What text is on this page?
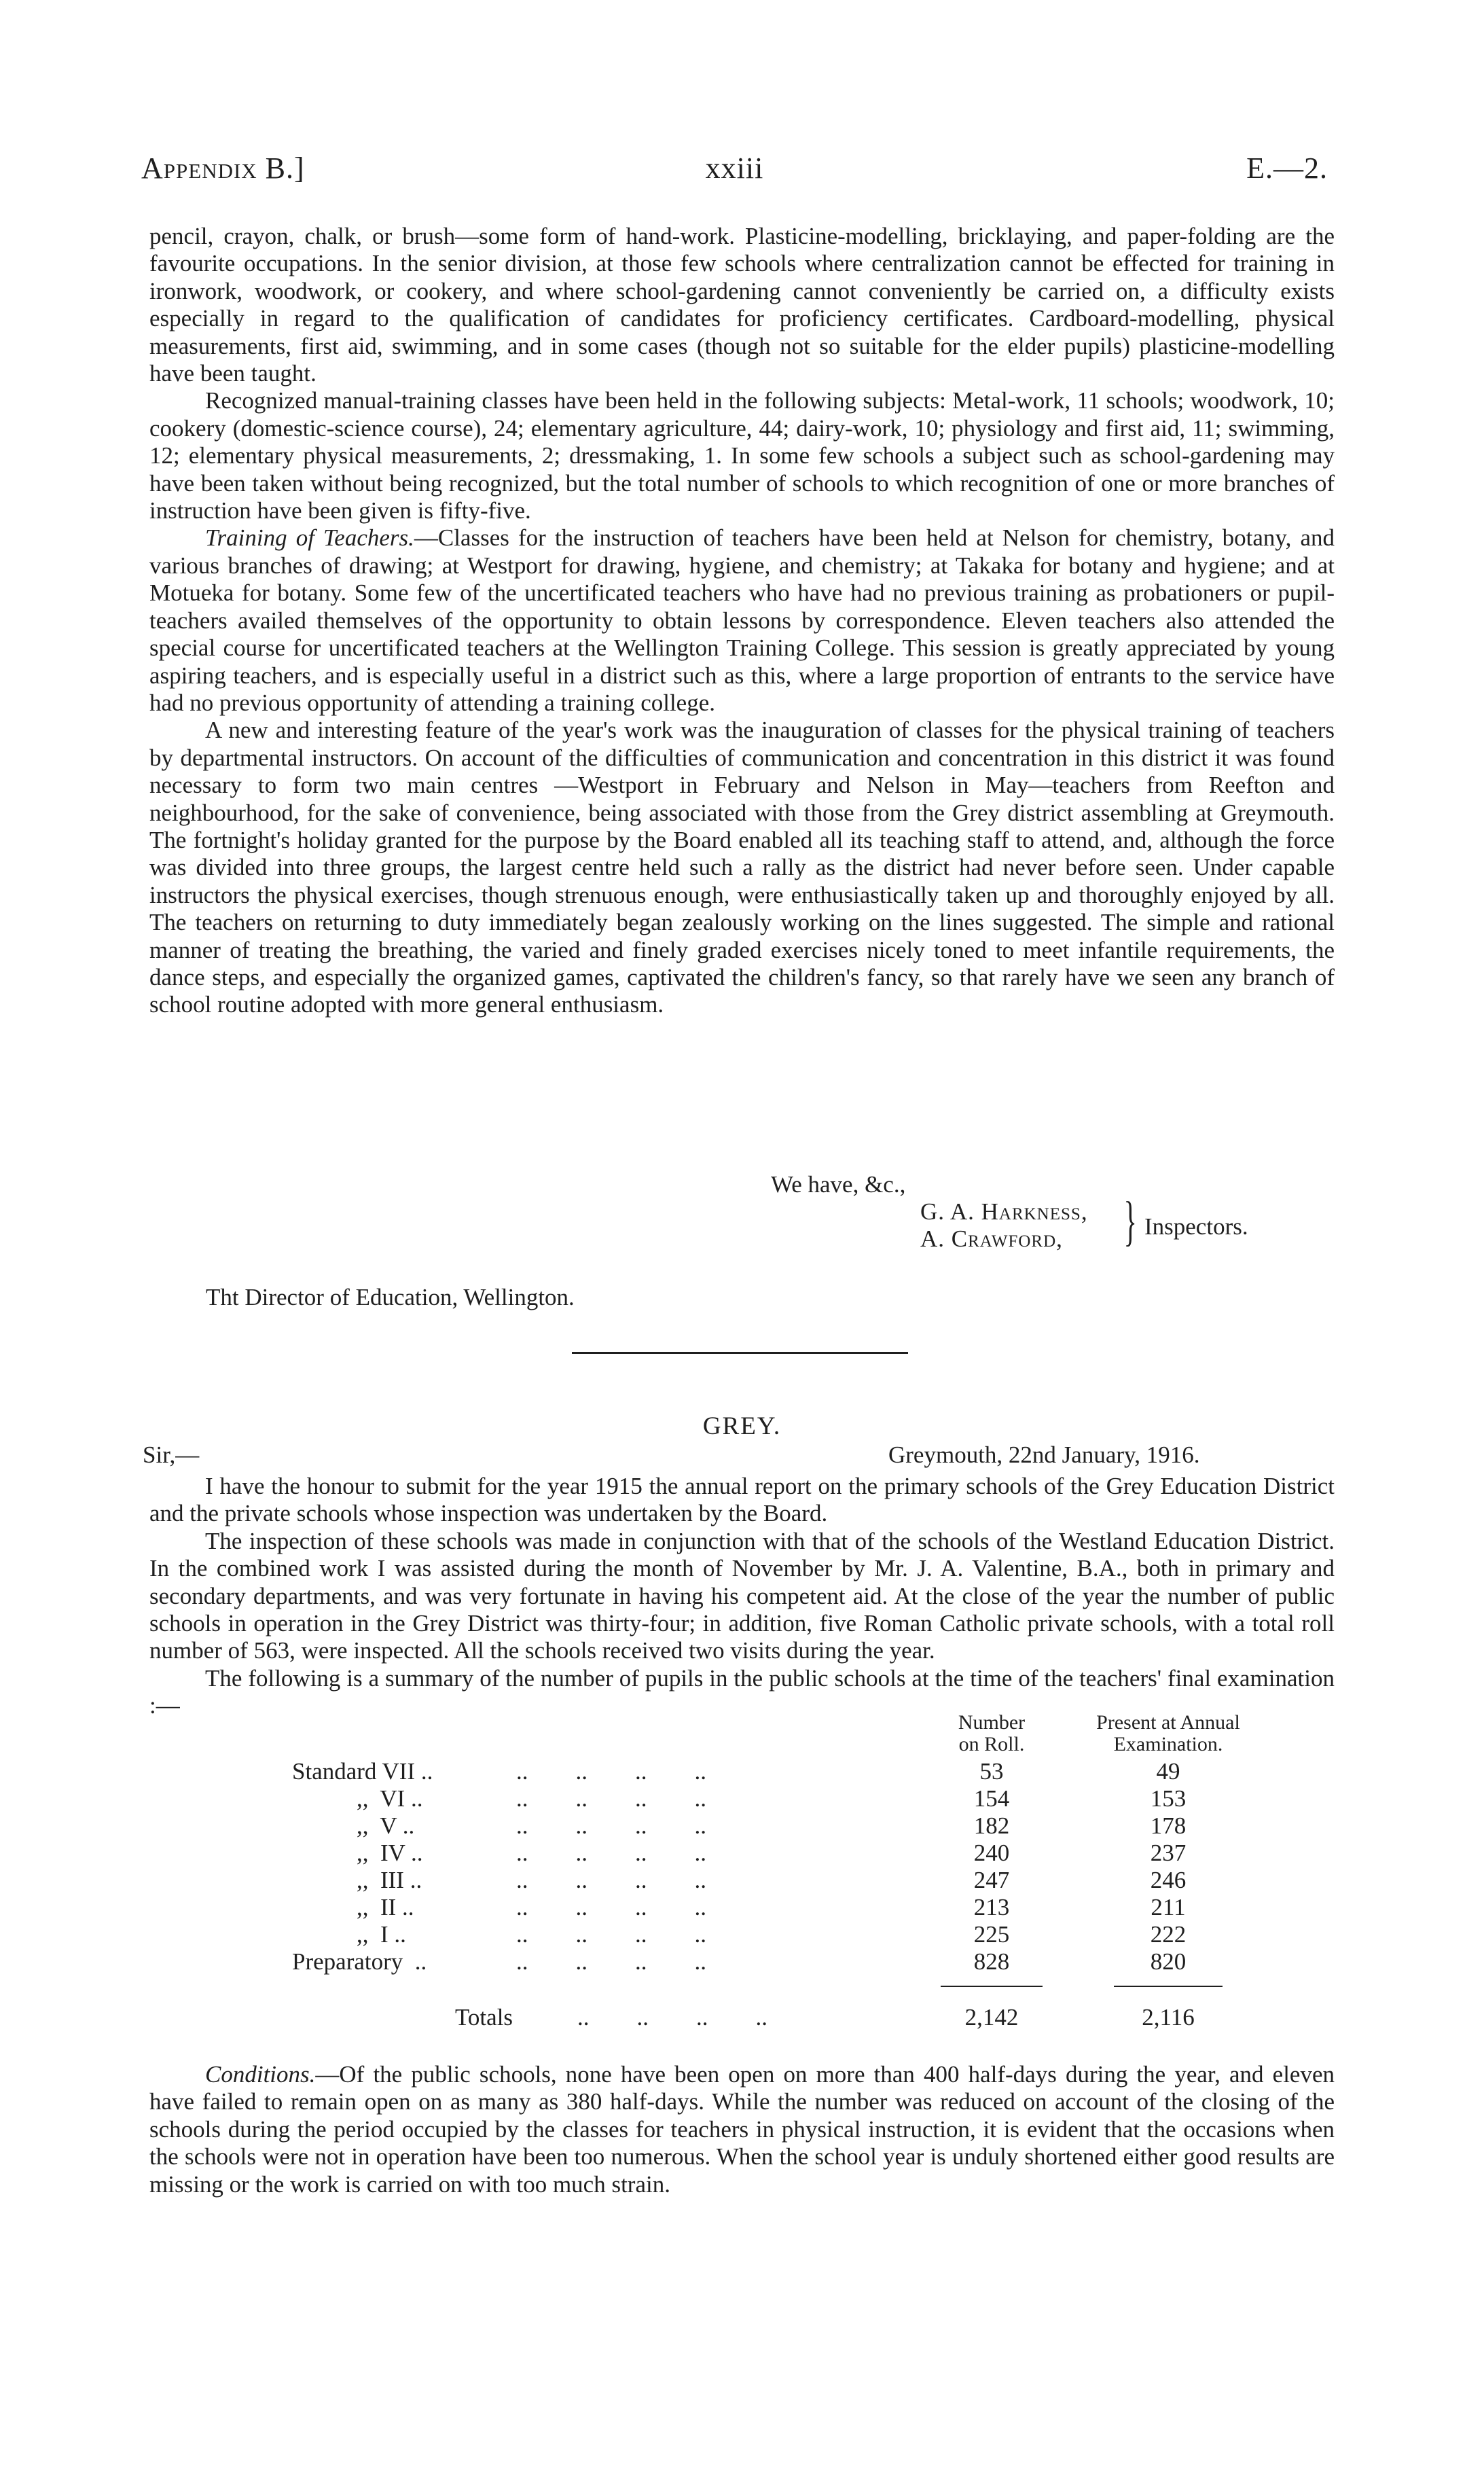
Appendix B.]	xxiii	E.—2.

pencil, crayon, chalk, or brush—some form of hand-work. Plasticine-modelling, bricklaying, and paper-folding are the favourite occupations. In the senior division, at those few schools where centralization cannot be effected for training in ironwork, woodwork, or cookery, and where school-gardening cannot conveniently be carried on, a difficulty exists especially in regard to the qualification of candidates for proficiency certificates. Cardboard-modelling, physical measurements, first aid, swimming, and in some cases (though not so suitable for the elder pupils) plasticine-modelling have been taught.

Recognized manual-training classes have been held in the following subjects: Metal-work, 11 schools; woodwork, 10; cookery (domestic-science course), 24; elementary agriculture, 44; dairy-work, 10; physiology and first aid, 11; swimming, 12; elementary physical measurements, 2; dressmaking, 1. In some few schools a subject such as school-gardening may have been taken without being recognized, but the total number of schools to which recognition of one or more branches of instruction have been given is fifty-five.

Training of Teachers.—Classes for the instruction of teachers have been held at Nelson for chemistry, botany, and various branches of drawing; at Westport for drawing, hygiene, and chemistry; at Takaka for botany and hygiene; and at Motueka for botany. Some few of the uncertificated teachers who have had no previous training as probationers or pupil-teachers availed themselves of the opportunity to obtain lessons by correspondence. Eleven teachers also attended the special course for uncertificated teachers at the Wellington Training College. This session is greatly appreciated by young aspiring teachers, and is especially useful in a district such as this, where a large proportion of entrants to the service have had no previous opportunity of attending a training college.

A new and interesting feature of the year's work was the inauguration of classes for the physical training of teachers by departmental instructors. On account of the difficulties of communication and concentration in this district it was found necessary to form two main centres —Westport in February and Nelson in May—teachers from Reefton and neighbourhood, for the sake of convenience, being associated with those from the Grey district assembling at Greymouth. The fortnight's holiday granted for the purpose by the Board enabled all its teaching staff to attend, and, although the force was divided into three groups, the largest centre held such a rally as the district had never before seen. Under capable instructors the physical exercises, though strenuous enough, were enthusiastically taken up and thoroughly enjoyed by all. The teachers on returning to duty immediately began zealously working on the lines suggested. The simple and rational manner of treating the breathing, the varied and finely graded exercises nicely toned to meet infantile requirements, the dance steps, and especially the organized games, captivated the children's fancy, so that rarely have we seen any branch of school routine adopted with more general enthusiasm.

We have, &c.,
G. A. Harkness,
A. Crawford,	} Inspectors.
Tht Director of Education, Wellington.
GREY.
Sir,—	Greymouth, 22nd January, 1916.

I have the honour to submit for the year 1915 the annual report on the primary schools of the Grey Education District and the private schools whose inspection was undertaken by the Board.

The inspection of these schools was made in conjunction with that of the schools of the Westland Education District. In the combined work I was assisted during the month of November by Mr. J. A. Valentine, B.A., both in primary and secondary departments, and was very fortunate in having his competent aid. At the close of the year the number of public schools in operation in the Grey District was thirty-four; in addition, five Roman Catholic private schools, with a total roll number of 563, were inspected. All the schools received two visits during the year.

The following is a summary of the number of pupils in the public schools at the time of the teachers' final examination :—

Number
on Roll.
Present at Annual
Examination.
Standard VII ..	..        ..        ..        ..	53	49
,,  VI ..	..        ..        ..        ..	154	153
,,  V ..	..        ..        ..        ..	182	178
,,  IV ..	..        ..        ..        ..	240	237
,,  III ..	..        ..        ..        ..	247	246
,,  II ..	..        ..        ..        ..	213	211
,,  I ..	..        ..        ..        ..	225	222
Preparatory  ..	..        ..        ..        ..	828	820
Totals	..        ..        ..        ..	2,142	2,116

Conditions.—Of the public schools, none have been open on more than 400 half-days during the year, and eleven have failed to remain open on as many as 380 half-days. While the number was reduced on account of the closing of the schools during the period occupied by the classes for teachers in physical instruction, it is evident that the occasions when the schools were not in operation have been too numerous. When the school year is unduly shortened either good results are missing or the work is carried on with too much strain.
